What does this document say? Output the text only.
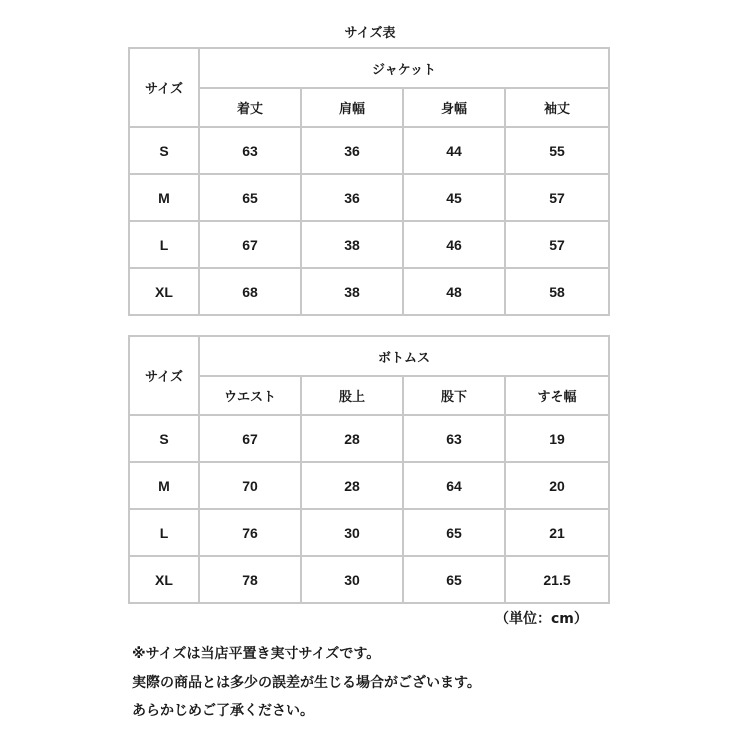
サイズ表
サイズ	ジャケット			
	着丈	肩幅	身幅	袖丈
S	63	36	44	55
M	65	36	45	57
L	67	38	46	57
XL	68	38	48	58
サイズ	ボトムス			
	ウエスト	股上	股下	すそ幅
S	67	28	63	19
M	70	28	64	20
L	76	30	65	21
XL	78	30	65	21.5
（単位：cm）
※サイズは当店平置き実寸サイズです。
実際の商品とは多少の誤差が生じる場合がございます。
あらかじめご了承ください。
